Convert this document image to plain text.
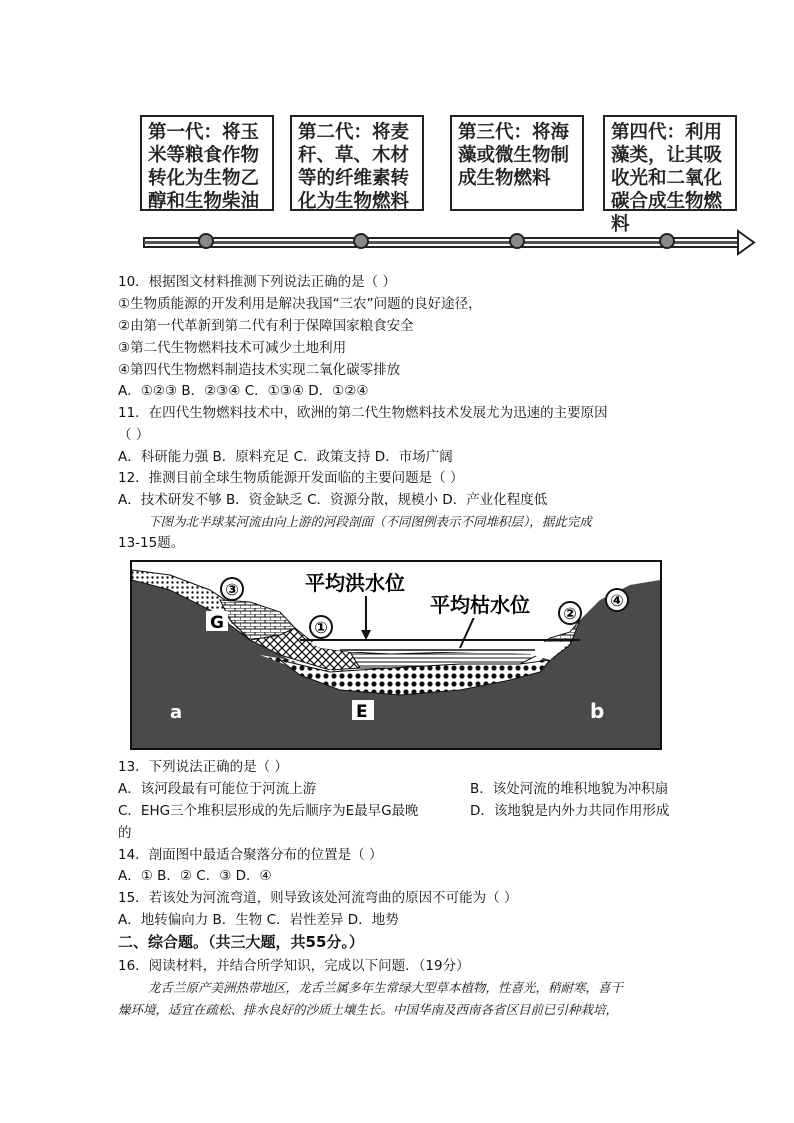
第一代：将玉米等粮食作物转化为生物乙醇和生物柴油
第二代：将麦秆、草、木材等的纤维素转化为生物燃料
第三代：将海藻或微生物制成生物燃料
第四代：利用藻类，让其吸收光和二氧化碳合成生物燃料
10．根据图文材料推测下列说法正确的是（ ）
①生物质能源的开发利用是解决我国“三农”问题的良好途径，
②由第一代革新到第二代有利于保障国家粮食安全
③第二代生物燃料技术可减少土地利用
④第四代生物燃料制造技术实现二氧化碳零排放
A．①②③ B．②③④ C．①③④ D．①②④
11．在四代生物燃料技术中，欧洲的第二代生物燃料技术发展尤为迅速的主要原因
（ ）
A．科研能力强 B．原料充足 C．政策支持 D．市场广阔
12．推测目前全球生物质能源开发面临的主要问题是（ ）
A．技术研发不够 B．资金缺乏 C．资源分散，规模小 D．产业化程度低
下图为北半球某河流由向上游的河段剖面（不同图例表示不同堆积层），据此完成
13-15题。
③
①
②
④
平均洪水位
平均枯水位
G
E
a	b
13．下列说法正确的是（ ）
A．该河段最有可能位于河流上游	B．该处河流的堆积地貌为冲积扇
C．EHG三个堆积层形成的先后顺序为E最早G最晚	D．该地貌是内外力共同作用形成
的
14．剖面图中最适合聚落分布的位置是（ ）
A．① B．② C．③ D．④
15．若该处为河流弯道，则导致该处河流弯曲的原因不可能为（ ）
A．地转偏向力 B．生物 C．岩性差异 D．地势
二、综合题。（共三大题，共55分。）
16．阅读材料，并结合所学知识，完成以下问题．（19分）
龙舌兰原产美洲热带地区，龙舌兰属多年生常绿大型草本植物，性喜光，稍耐寒，喜干
燥环境，适宜在疏松、排水良好的沙质土壤生长。中国华南及西南各省区目前已引种栽培，
